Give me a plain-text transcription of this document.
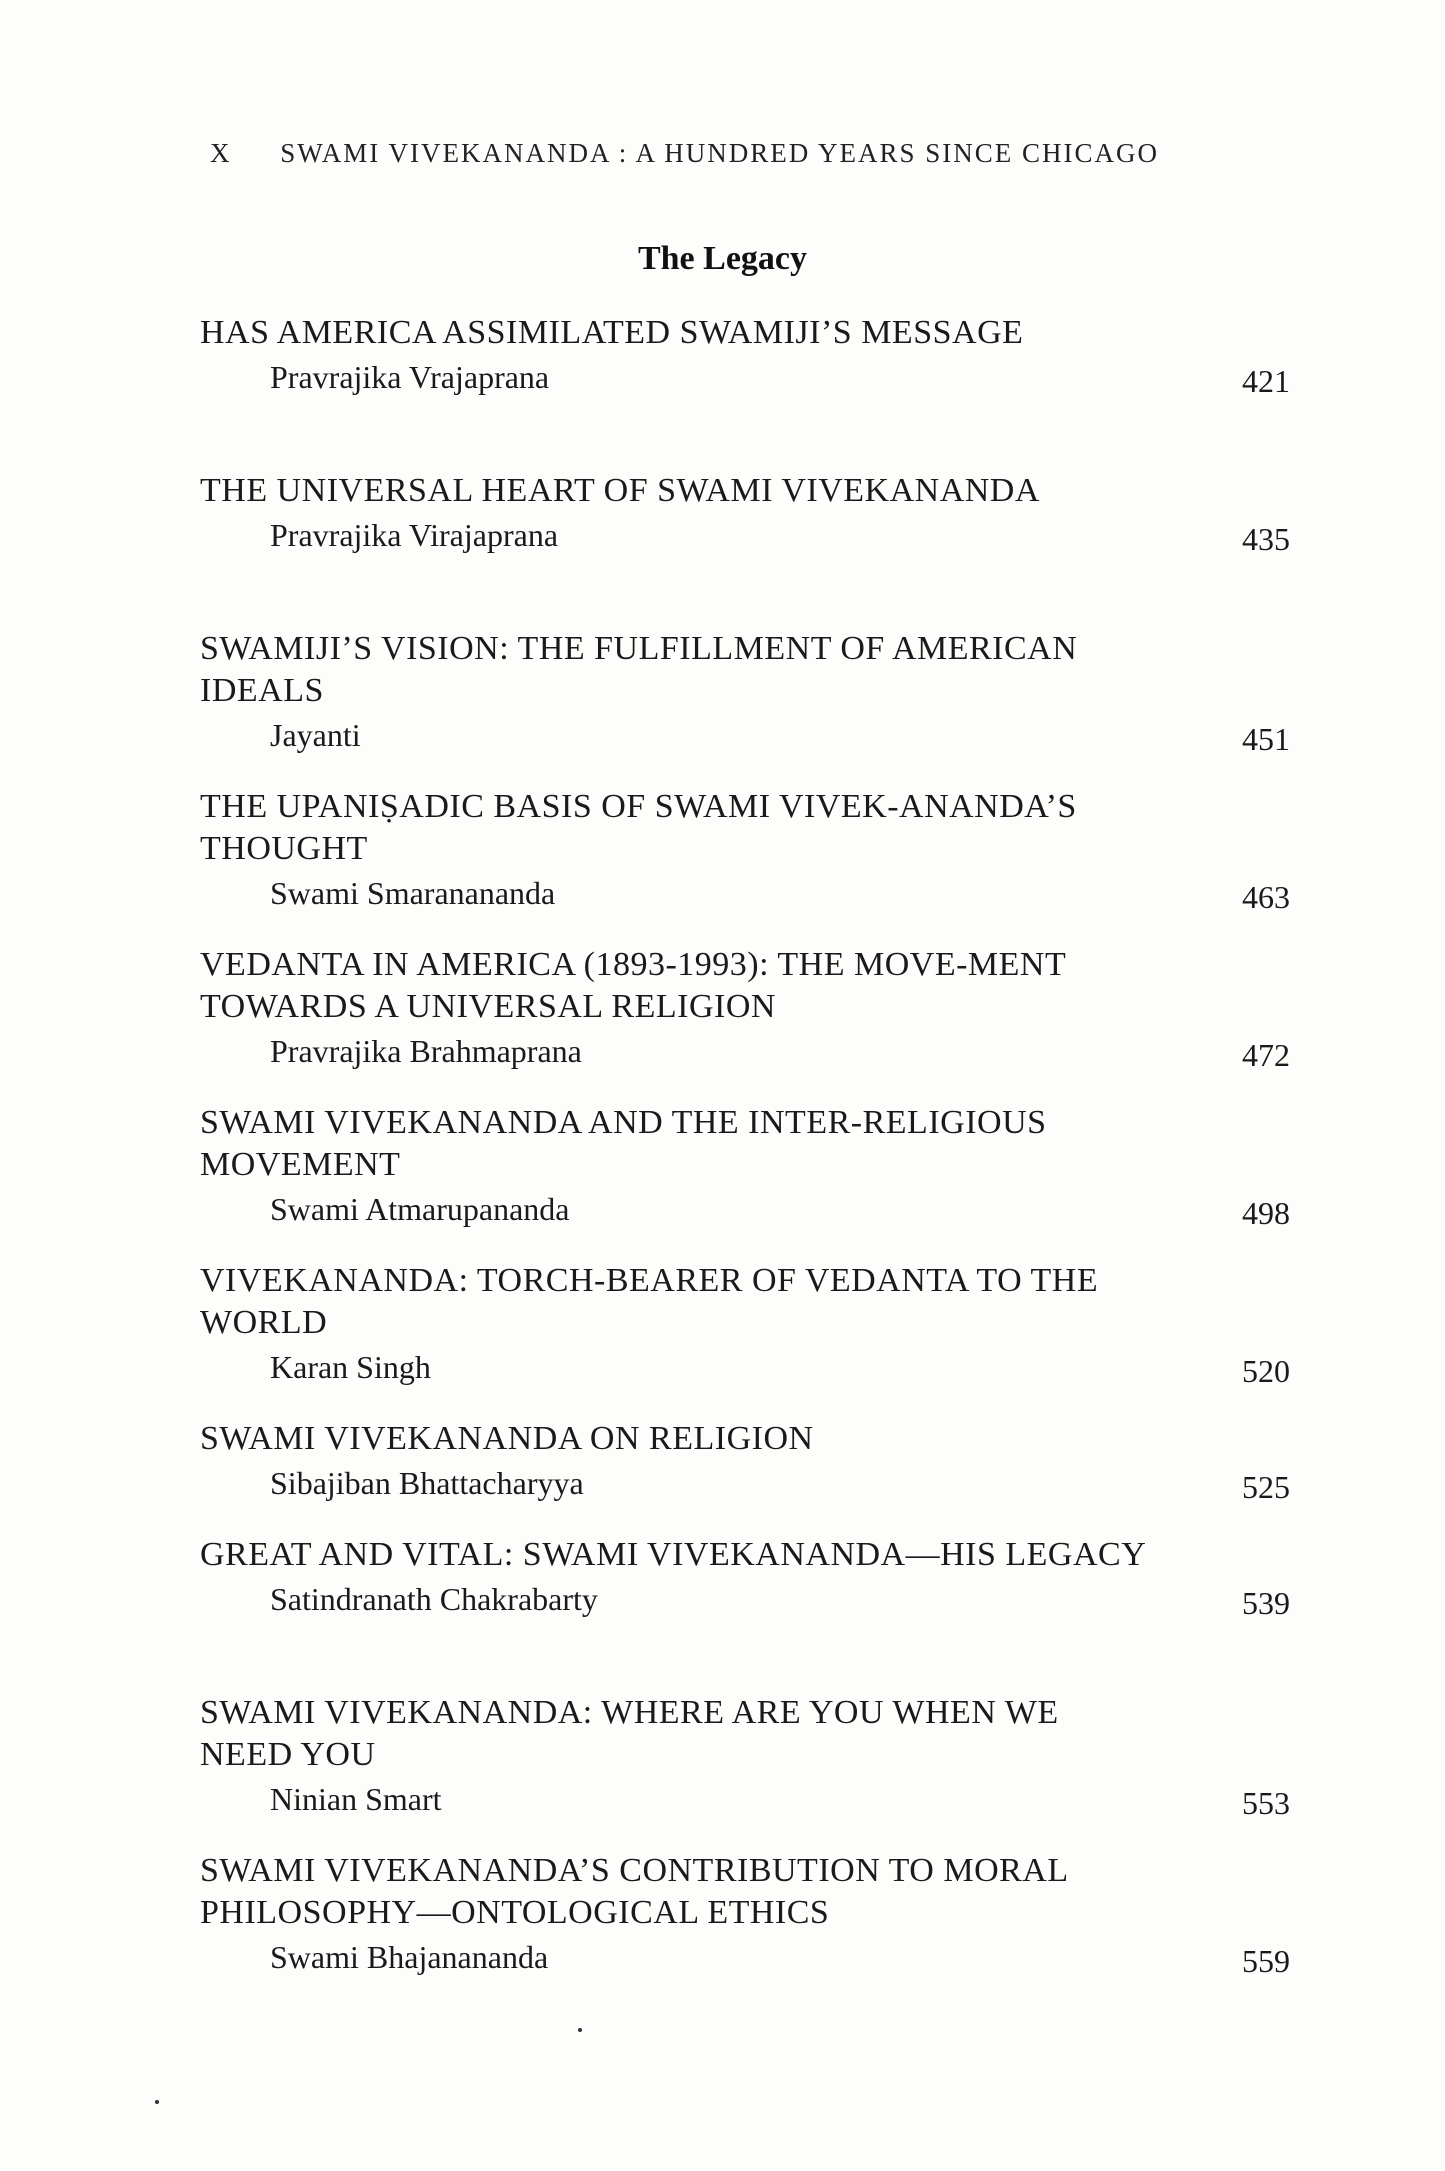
X SWAMI VIVEKANANDA : A HUNDRED YEARS SINCE CHICAGO
The Legacy
HAS AMERICA ASSIMILATED SWAMIJI’S MESSAGE
Pravrajika Vrajaprana	421
THE UNIVERSAL HEART OF SWAMI VIVEKANANDA
Pravrajika Virajaprana	435
SWAMIJI’S VISION: THE FULFILLMENT OF AMERICAN IDEALS
Jayanti	451
THE UPANIṢADIC BASIS OF SWAMI VIVEK-ANANDA’S THOUGHT
Swami Smaranananda	463
VEDANTA IN AMERICA (1893-1993): THE MOVE-MENT TOWARDS A UNIVERSAL RELIGION
Pravrajika Brahmaprana	472
SWAMI VIVEKANANDA AND THE INTER-RELIGIOUS MOVEMENT
Swami Atmarupananda	498
VIVEKANANDA: TORCH-BEARER OF VEDANTA TO THE WORLD
Karan Singh	520
SWAMI VIVEKANANDA ON RELIGION
Sibajiban Bhattacharyya	525
GREAT AND VITAL: SWAMI VIVEKANANDA—HIS LEGACY
Satindranath Chakrabarty	539
SWAMI VIVEKANANDA: WHERE ARE YOU WHEN WE NEED YOU
Ninian Smart	553
SWAMI VIVEKANANDA’S CONTRIBUTION TO MORAL PHILOSOPHY—ONTOLOGICAL ETHICS
Swami Bhajanananda	559
